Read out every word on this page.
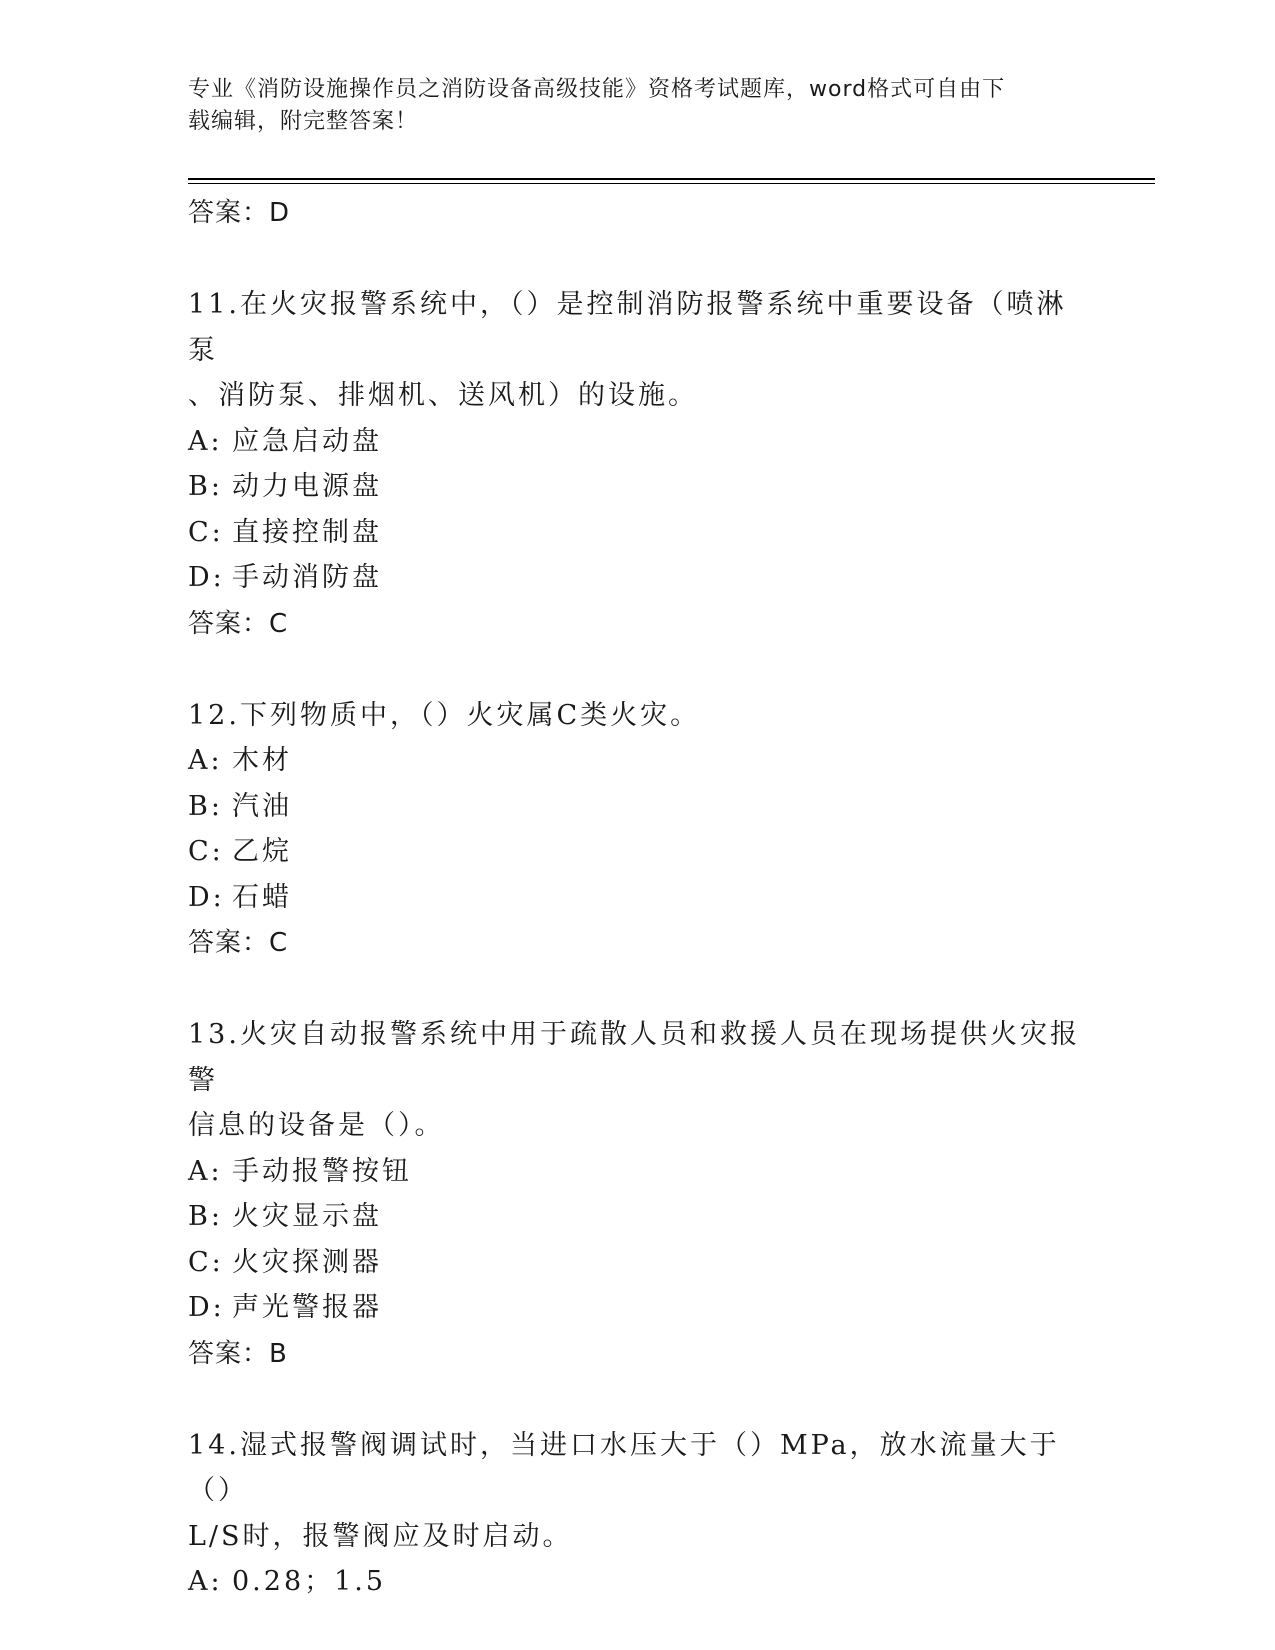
专业《消防设施操作员之消防设备高级技能》资格考试题库，word格式可自由下
载编辑，附完整答案！
答案：D
11.在火灾报警系统中，（）是控制消防报警系统中重要设备（喷淋泵
、消防泵、排烟机、送风机）的设施。
A: 应急启动盘
B: 动力电源盘
C: 直接控制盘
D: 手动消防盘
答案：C
12.下列物质中，（）火灾属C类火灾。
A: 木材
B: 汽油
C: 乙烷
D: 石蜡
答案：C
13.火灾自动报警系统中用于疏散人员和救援人员在现场提供火灾报警
信息的设备是（）。
A: 手动报警按钮
B: 火灾显示盘
C: 火灾探测器
D: 声光警报器
答案：B
14.湿式报警阀调试时，当进口水压大于（）MPa，放水流量大于（）
L/S时，报警阀应及时启动。
A: 0.28；1.5
